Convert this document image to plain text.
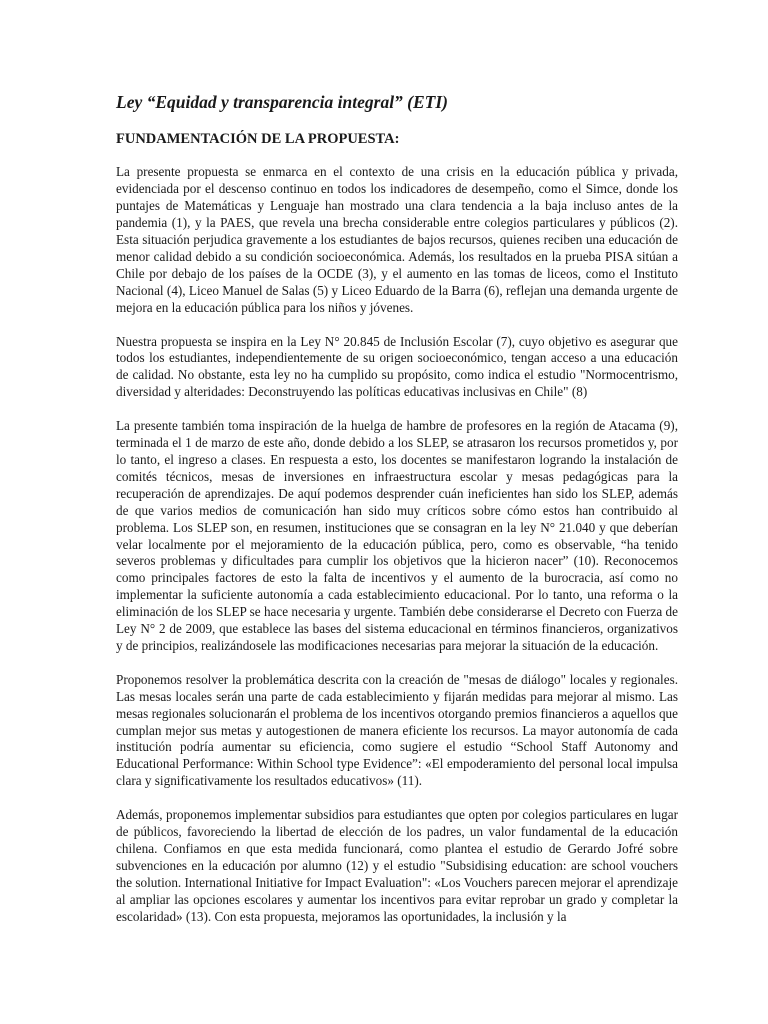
Ley “Equidad y transparencia integral” (ETI)
FUNDAMENTACIÓN DE LA PROPUESTA:

La presente propuesta se enmarca en el contexto de una crisis en la educación pública y privada, evidenciada por el descenso continuo en todos los indicadores de desempeño, como el Simce, donde los puntajes de Matemáticas y Lenguaje han mostrado una clara tendencia a la baja incluso antes de la pandemia (1), y la PAES, que revela una brecha considerable entre colegios particulares y públicos (2). Esta situación perjudica gravemente a los estudiantes de bajos recursos, quienes reciben una educación de menor calidad debido a su condición socioeconómica. Además, los resultados en la prueba PISA sitúan a Chile por debajo de los países de la OCDE (3), y el aumento en las tomas de liceos, como el Instituto Nacional (4), Liceo Manuel de Salas (5) y Liceo Eduardo de la Barra (6), reflejan una demanda urgente de mejora en la educación pública para los niños y jóvenes.

Nuestra propuesta se inspira en la Ley N° 20.845 de Inclusión Escolar (7), cuyo objetivo es asegurar que todos los estudiantes, independientemente de su origen socioeconómico, tengan acceso a una educación de calidad. No obstante, esta ley no ha cumplido su propósito, como indica el estudio "Normocentrismo, diversidad y alteridades: Deconstruyendo las políticas educativas inclusivas en Chile" (8)

La presente también toma inspiración de la huelga de hambre de profesores en la región de Atacama (9), terminada el 1 de marzo de este año, donde debido a los SLEP, se atrasaron los recursos prometidos y, por lo tanto, el ingreso a clases. En respuesta a esto, los docentes se manifestaron logrando la instalación de comités técnicos, mesas de inversiones en infraestructura escolar y mesas pedagógicas para la recuperación de aprendizajes. De aquí podemos desprender cuán ineficientes han sido los SLEP, además de que varios medios de comunicación han sido muy críticos sobre cómo estos han contribuido al problema. Los SLEP son, en resumen, instituciones que se consagran en la ley N° 21.040 y que deberían velar localmente por el mejoramiento de la educación pública, pero, como es observable, “ha tenido severos problemas y dificultades para cumplir los objetivos que la hicieron nacer” (10). Reconocemos como principales factores de esto la falta de incentivos y el aumento de la burocracia, así como no implementar la suficiente autonomía a cada establecimiento educacional. Por lo tanto, una reforma o la eliminación de los SLEP se hace necesaria y urgente. También debe considerarse el Decreto con Fuerza de Ley N° 2 de 2009, que establece las bases del sistema educacional en términos financieros, organizativos y de principios, realizándosele las modificaciones necesarias para mejorar la situación de la educación.

Proponemos resolver la problemática descrita con la creación de "mesas de diálogo" locales y regionales. Las mesas locales serán una parte de cada establecimiento y fijarán medidas para mejorar al mismo. Las mesas regionales solucionarán el problema de los incentivos otorgando premios financieros a aquellos que cumplan mejor sus metas y autogestionen de manera eficiente los recursos. La mayor autonomía de cada institución podría aumentar su eficiencia, como sugiere el estudio “School Staff Autonomy and Educational Performance: Within School type Evidence”: «El empoderamiento del personal local impulsa clara y significativamente los resultados educativos» (11).

Además, proponemos implementar subsidios para estudiantes que opten por colegios particulares en lugar de públicos, favoreciendo la libertad de elección de los padres, un valor fundamental de la educación chilena. Confiamos en que esta medida funcionará, como plantea el estudio de Gerardo Jofré sobre subvenciones en la educación por alumno (12) y el estudio "Subsidising education: are school vouchers the solution. International Initiative for Impact Evaluation": «Los Vouchers parecen mejorar el aprendizaje al ampliar las opciones escolares y aumentar los incentivos para evitar reprobar un grado y completar la escolaridad» (13). Con esta propuesta, mejoramos las oportunidades, la inclusión y la
